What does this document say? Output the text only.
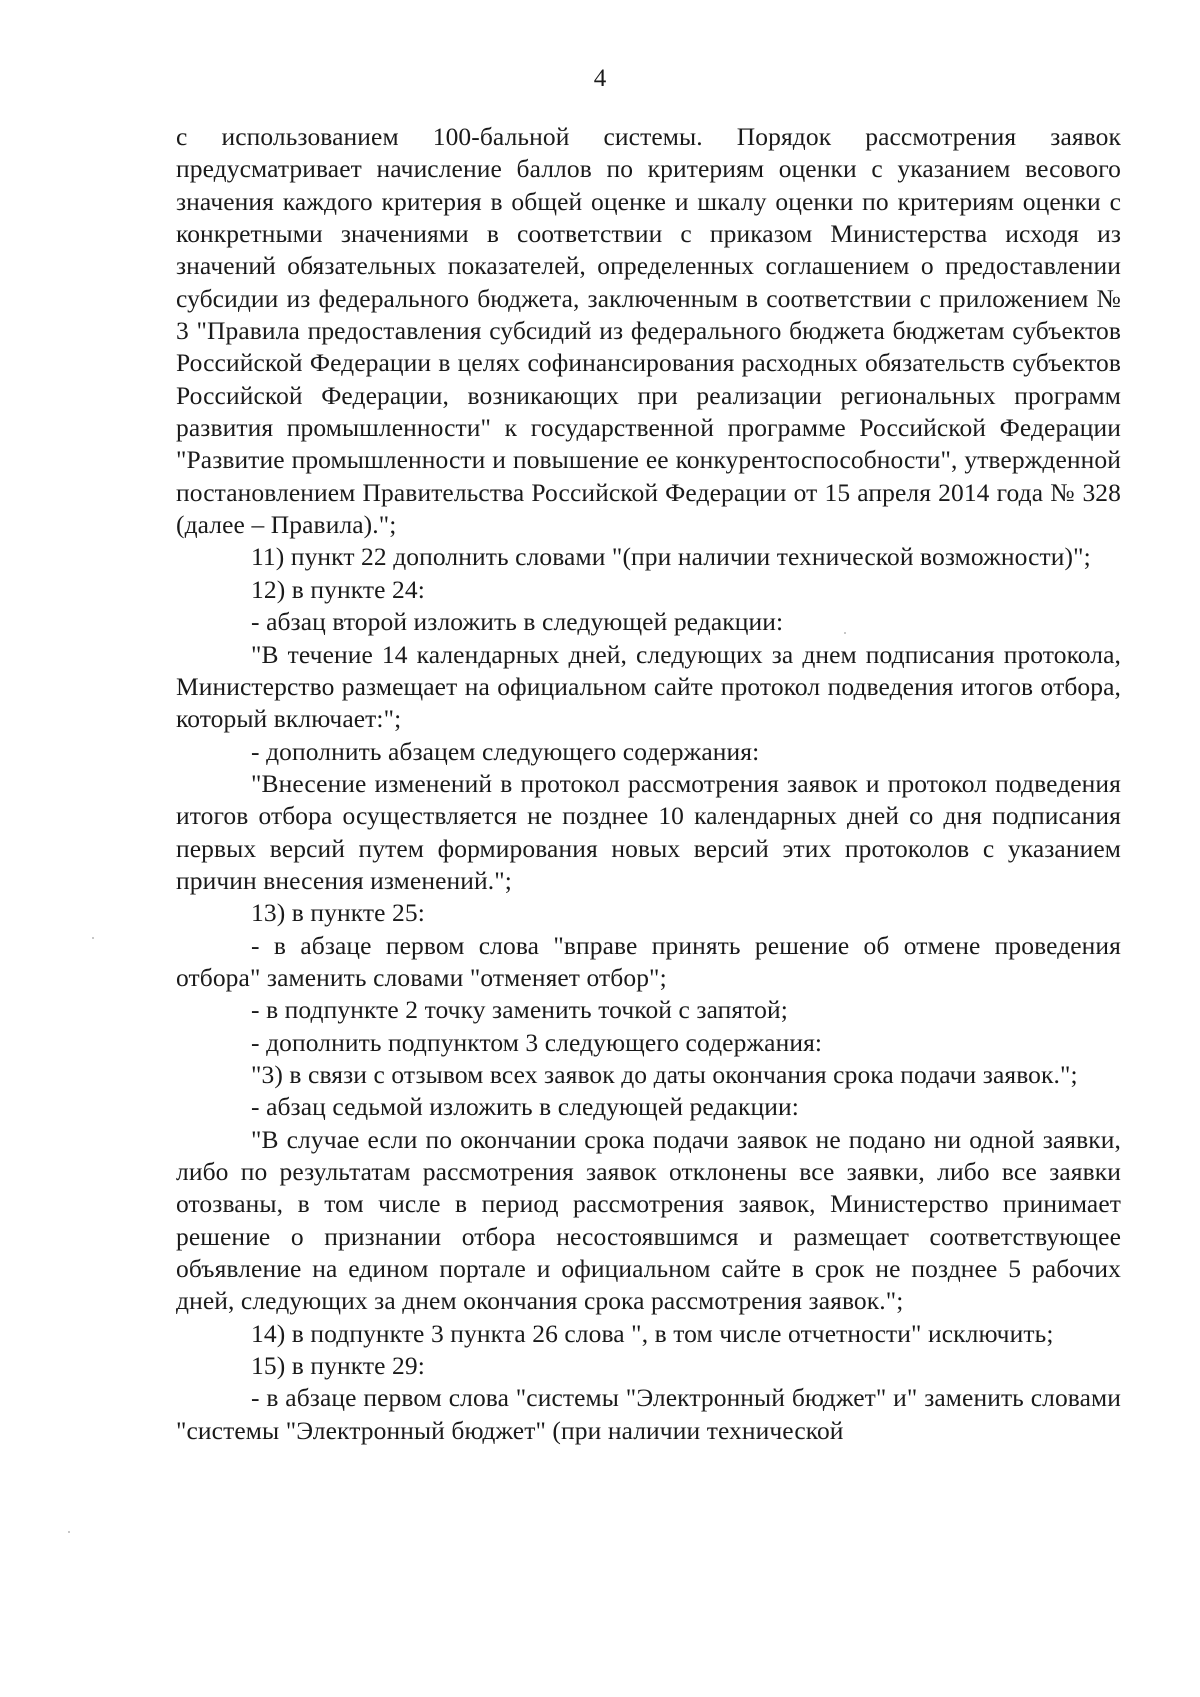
4

с использованием 100-бальной системы. Порядок рассмотрения заявок предусматривает начисление баллов по критериям оценки с указанием весового значения каждого критерия в общей оценке и шкалу оценки по критериям оценки с конкретными значениями в соответствии с приказом Министерства исходя из значений обязательных показателей, определенных соглашением о предоставлении субсидии из федерального бюджета, заключенным в соответствии с приложением № 3 "Правила предоставления субсидий из федерального бюджета бюджетам субъектов Российской Федерации в целях софинансирования расходных обязательств субъектов Российской Федерации, возникающих при реализации региональных программ развития промышленности" к государственной программе Российской Федерации "Развитие промышленности и повышение ее конкурентоспособности", утвержденной постановлением Правительства Российской Федерации от 15 апреля 2014 года № 328 (далее – Правила).";

11) пункт 22 дополнить словами "(при наличии технической возможности)";

12) в пункте 24:

- абзац второй изложить в следующей редакции:

"В течение 14 календарных дней, следующих за днем подписания протокола, Министерство размещает на официальном сайте протокол подведения итогов отбора, который включает:";

- дополнить абзацем следующего содержания:

"Внесение изменений в протокол рассмотрения заявок и протокол подведения итогов отбора осуществляется не позднее 10 календарных дней со дня подписания первых версий путем формирования новых версий этих протоколов с указанием причин внесения изменений.";

13) в пункте 25:

- в абзаце первом слова "вправе принять решение об отмене проведения отбора" заменить словами "отменяет отбор";

- в подпункте 2 точку заменить точкой с запятой;

- дополнить подпунктом 3 следующего содержания:

"3) в связи с отзывом всех заявок до даты окончания срока подачи заявок.";

- абзац седьмой изложить в следующей редакции:

"В случае если по окончании срока подачи заявок не подано ни одной заявки, либо по результатам рассмотрения заявок отклонены все заявки, либо все заявки отозваны, в том числе в период рассмотрения заявок, Министерство принимает решение о признании отбора несостоявшимся и размещает соответствующее объявление на едином портале и официальном сайте в срок не позднее 5 рабочих дней, следующих за днем окончания срока рассмотрения заявок.";

14) в подпункте 3 пункта 26 слова ", в том числе отчетности" исключить;

15) в пункте 29:

- в абзаце первом слова "системы "Электронный бюджет" и" заменить словами "системы "Электронный бюджет" (при наличии технической
